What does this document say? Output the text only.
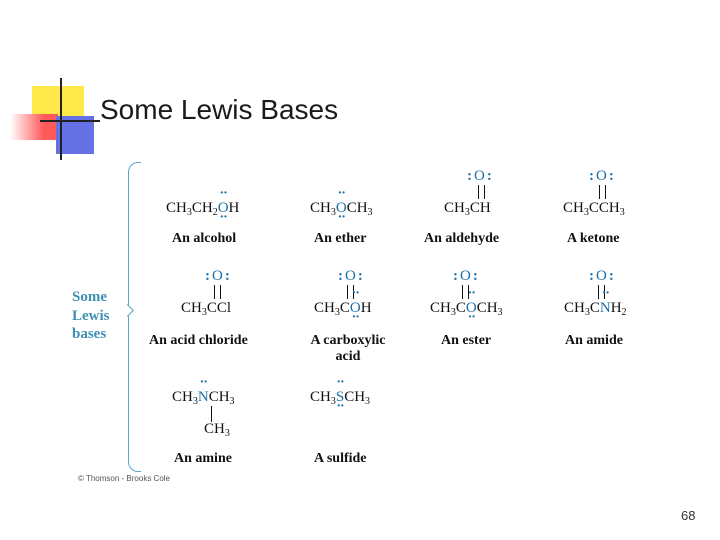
Some Lewis Bases
Some
Lewis
bases
$CH_3CH_2\cdot\cdot O \cdot\cdot H$
An alcohol
$CH_3\cdot\cdot O \cdot\cdot CH_3$
An ether
: O :
$CH_3CH$
An aldehyde
: O :
$CH_3CCH_3$
A ketone
: O :
$CH_3CCl$
An acid chloride
: O :
$CH_3C\cdot\cdot O \cdot\cdot H$
A carboxylic
acid
: O :
$CH_3C\cdot\cdot O \cdot\cdot CH_3$
An ester
: O :
$CH_3C\cdot\cdot NH_2$
An amide
$CH_3\cdot\cdot NCH_3$
$CH_3$
An amine
$CH_3\cdot\cdot S \cdot\cdot CH_3$
A sulfide
© Thomson - Brooks Cole
68
